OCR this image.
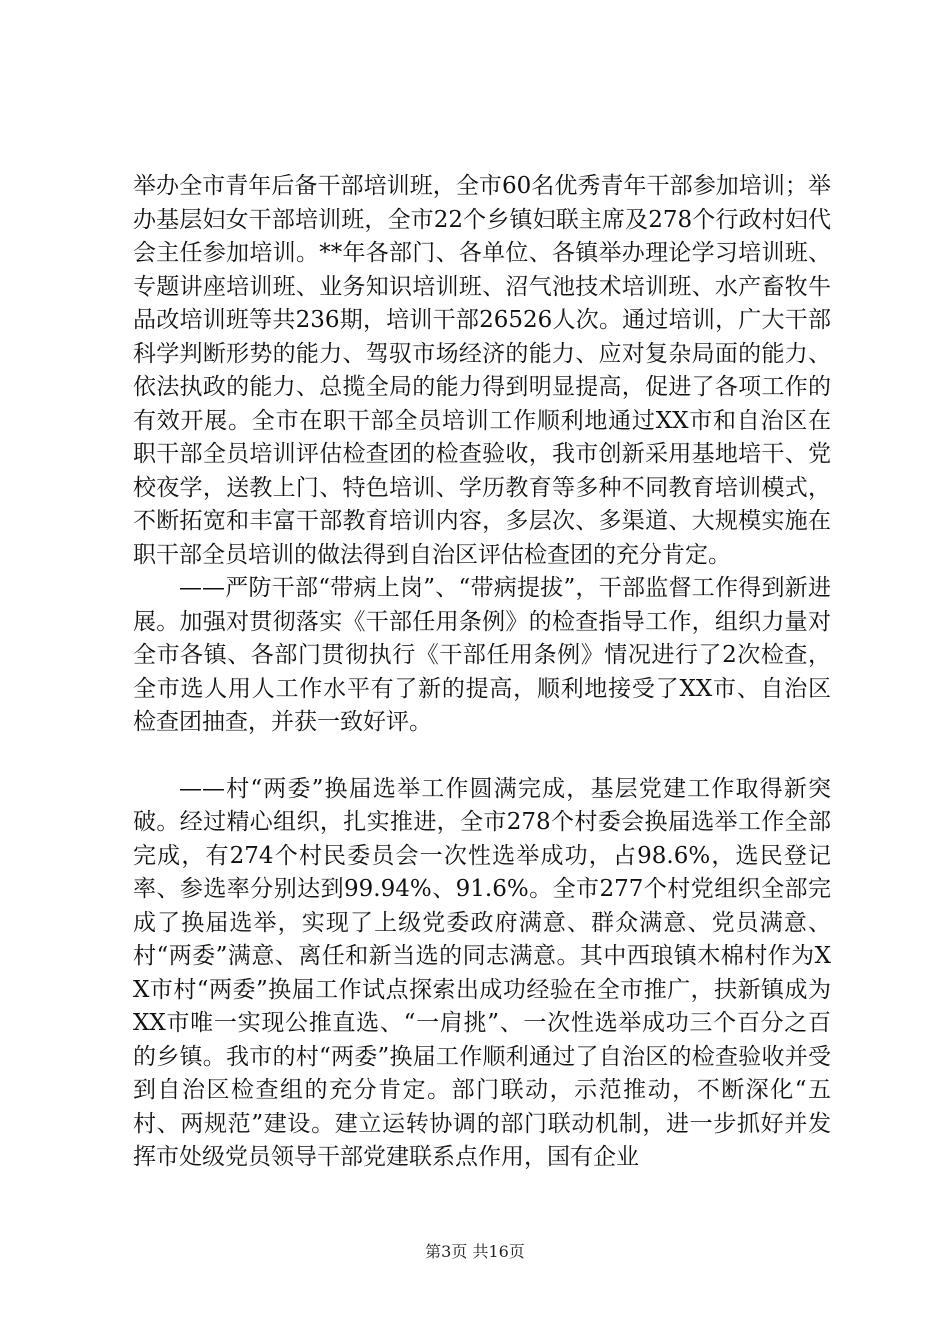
举办全市青年后备干部培训班，全市60名优秀青年干部参加培训；举办基层妇女干部培训班，全市22个乡镇妇联主席及278个行政村妇代会主任参加培训。**年各部门、各单位、各镇举办理论学习培训班、专题讲座培训班、业务知识培训班、沼气池技术培训班、水产畜牧牛品改培训班等共236期，培训干部26526人次。通过培训，广大干部科学判断形势的能力、驾驭市场经济的能力、应对复杂局面的能力、依法执政的能力、总揽全局的能力得到明显提高，促进了各项工作的有效开展。全市在职干部全员培训工作顺利地通过XX市和自治区在职干部全员培训评估检查团的检查验收，我市创新采用基地培干、党校夜学，送教上门、特色培训、学历教育等多种不同教育培训模式，不断拓宽和丰富干部教育培训内容，多层次、多渠道、大规模实施在职干部全员培训的做法得到自治区评估检查团的充分肯定。

——严防干部“带病上岗”、“带病提拔”，干部监督工作得到新进展。加强对贯彻落实《干部任用条例》的检查指导工作，组织力量对全市各镇、各部门贯彻执行《干部任用条例》情况进行了2次检查，全市选人用人工作水平有了新的提高，顺利地接受了XX市、自治区检查团抽查，并获一致好评。

——村“两委”换届选举工作圆满完成，基层党建工作取得新突破。经过精心组织，扎实推进，全市278个村委会换届选举工作全部完成，有274个村民委员会一次性选举成功，占98.6%，选民登记率、参选率分别达到99.94%、91.6%。全市277个村党组织全部完成了换届选举，实现了上级党委政府满意、群众满意、党员满意、村“两委”满意、离任和新当选的同志满意。其中西琅镇木棉村作为XX市村“两委”换届工作试点探索出成功经验在全市推广，扶新镇成为XX市唯一实现公推直选、“一肩挑”、一次性选举成功三个百分之百的乡镇。我市的村“两委”换届工作顺利通过了自治区的检查验收并受到自治区检查组的充分肯定。部门联动，示范推动，不断深化“五村、两规范”建设。建立运转协调的部门联动机制，进一步抓好并发挥市处级党员领导干部党建联系点作用，国有企业

第3页 共16页
